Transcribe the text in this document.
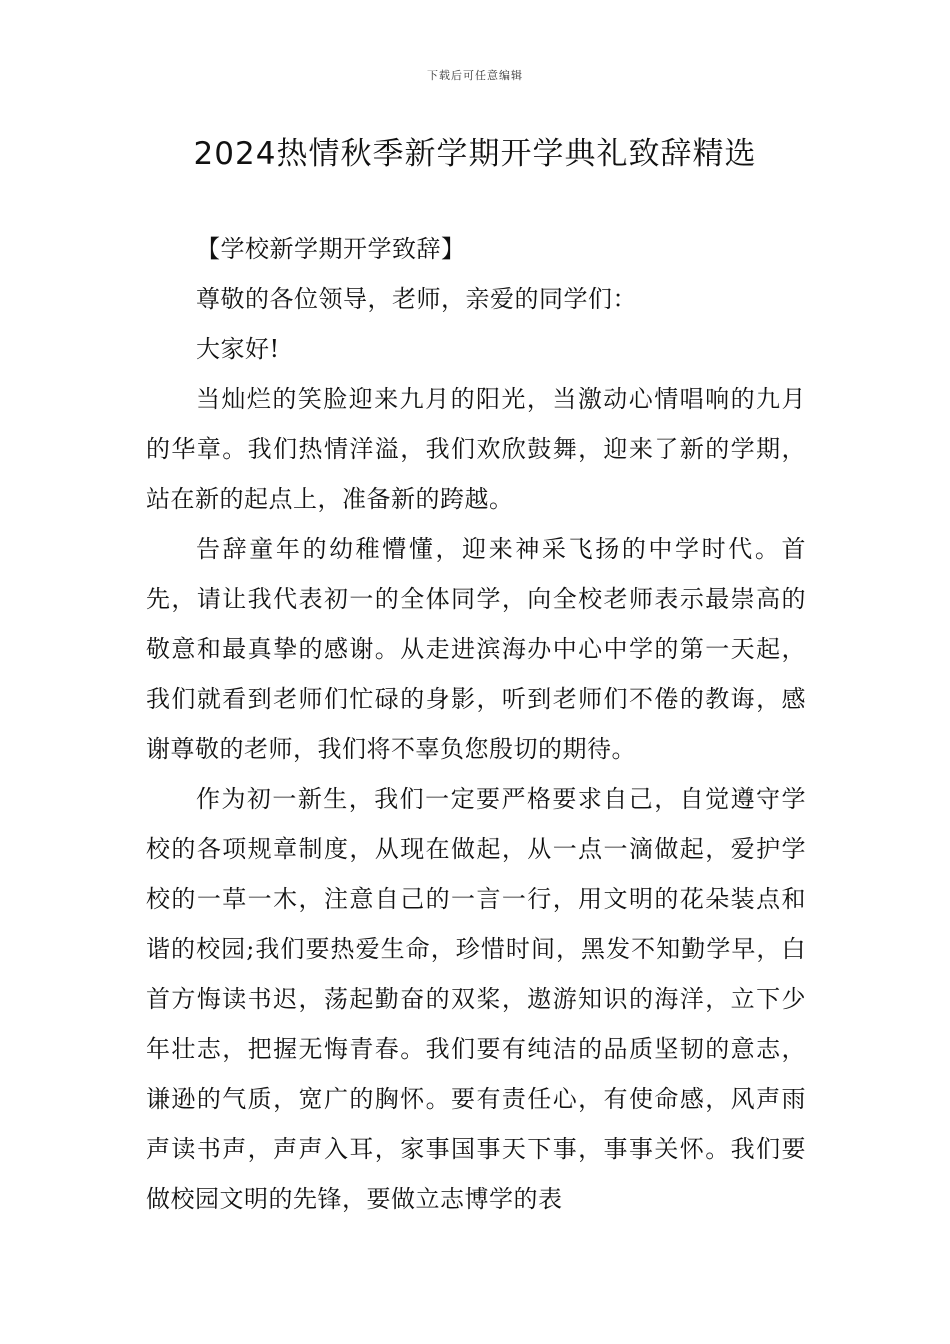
下载后可任意编辑
2024热情秋季新学期开学典礼致辞精选

【学校新学期开学致辞】

尊敬的各位领导，老师，亲爱的同学们：

大家好!

当灿烂的笑脸迎来九月的阳光，当激动心情唱响的九月的华章。我们热情洋溢，我们欢欣鼓舞，迎来了新的学期，站在新的起点上，准备新的跨越。

告辞童年的幼稚懵懂，迎来神采飞扬的中学时代。首先，请让我代表初一的全体同学，向全校老师表示最崇高的敬意和最真挚的感谢。从走进滨海办中心中学的第一天起，我们就看到老师们忙碌的身影，听到老师们不倦的教诲，感谢尊敬的老师，我们将不辜负您殷切的期待。

作为初一新生，我们一定要严格要求自己，自觉遵守学校的各项规章制度，从现在做起，从一点一滴做起，爱护学校的一草一木，注意自己的一言一行，用文明的花朵装点和谐的校园;我们要热爱生命，珍惜时间，黑发不知勤学早，白首方悔读书迟，荡起勤奋的双桨，遨游知识的海洋，立下少年壮志，把握无悔青春。我们要有纯洁的品质坚韧的意志，谦逊的气质，宽广的胸怀。要有责任心，有使命感，风声雨声读书声，声声入耳，家事国事天下事，事事关怀。我们要做校园文明的先锋，要做立志博学的表
